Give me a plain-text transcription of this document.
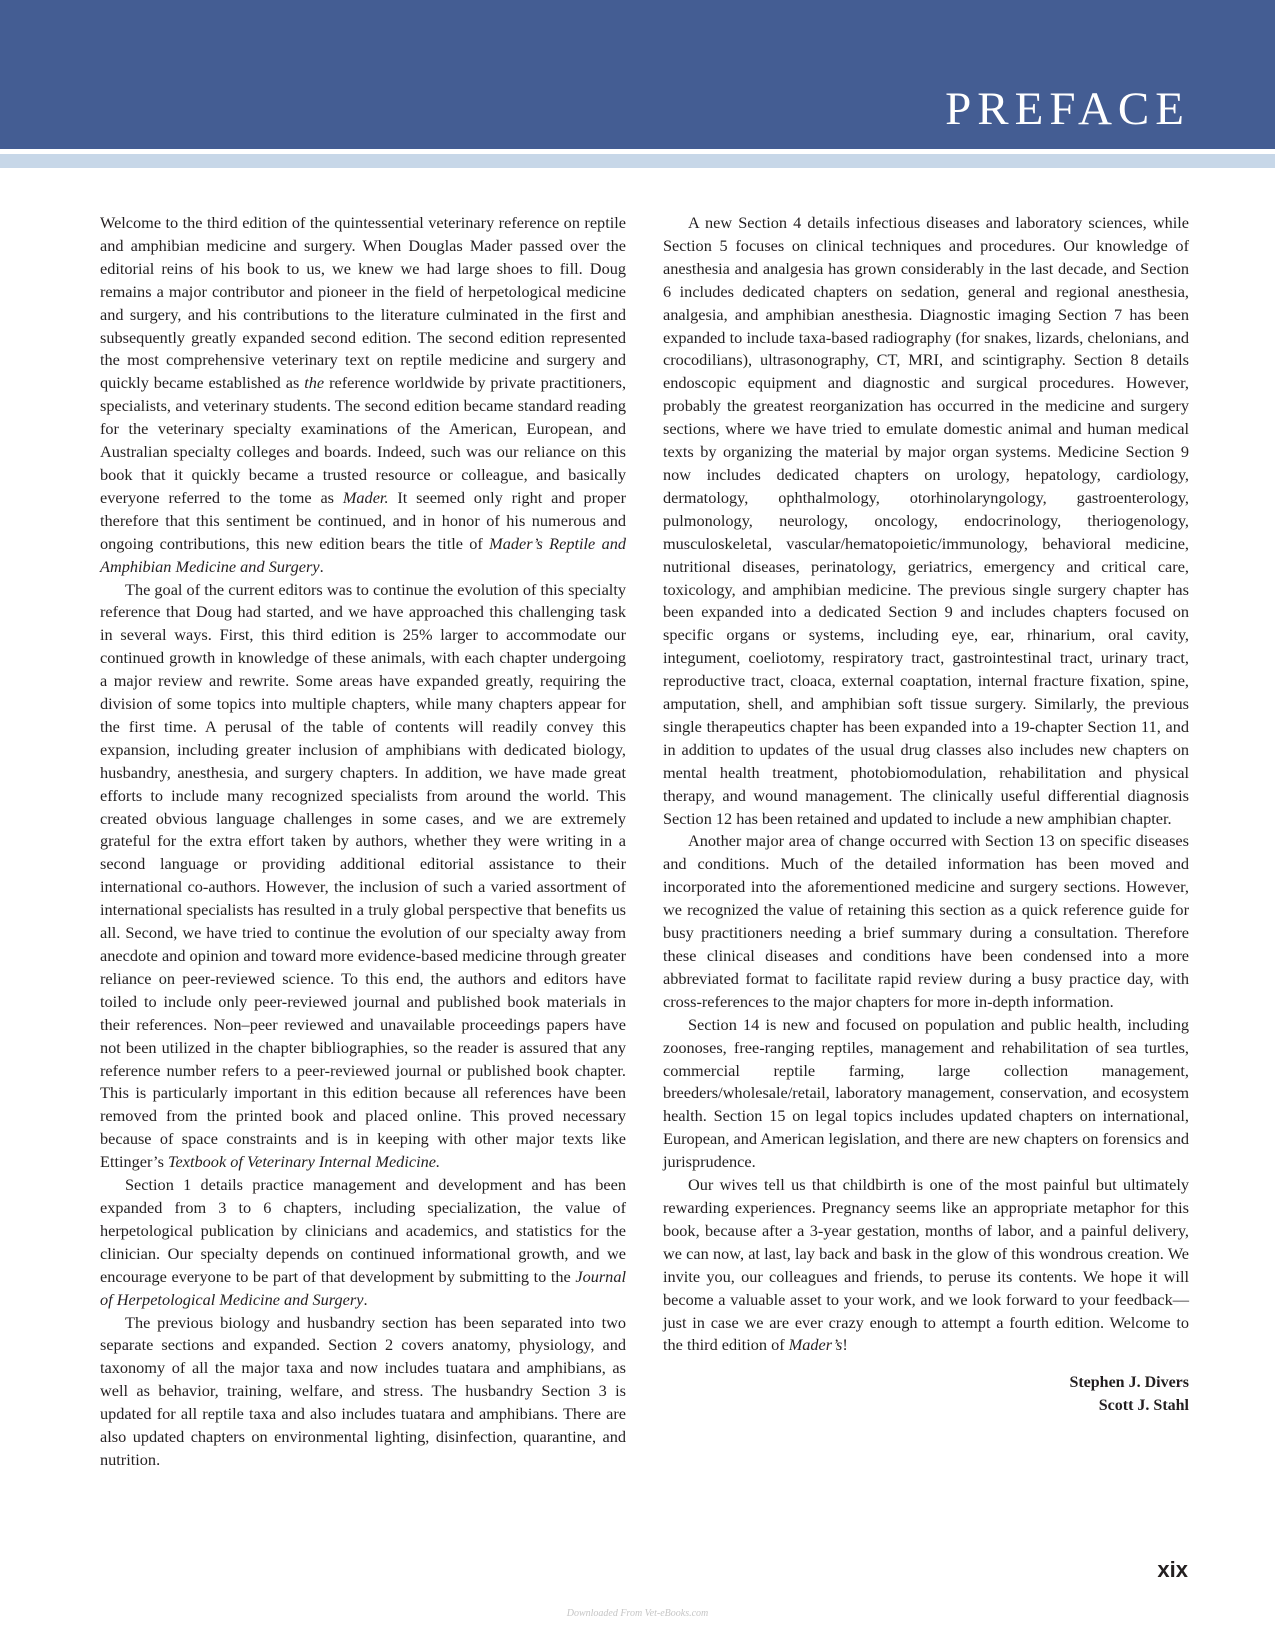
PREFACE

Welcome to the third edition of the quintessential veterinary reference on reptile and amphibian medicine and surgery. When Douglas Mader passed over the editorial reins of his book to us, we knew we had large shoes to fill. Doug remains a major contributor and pioneer in the field of herpetological medicine and surgery, and his contributions to the literature culminated in the first and subsequently greatly expanded second edition. The second edition represented the most comprehensive veterinary text on reptile medicine and surgery and quickly became established as the reference worldwide by private practitioners, specialists, and veterinary students. The second edition became standard reading for the veterinary specialty examinations of the American, European, and Australian specialty colleges and boards. Indeed, such was our reliance on this book that it quickly became a trusted resource or colleague, and basically everyone referred to the tome as Mader. It seemed only right and proper therefore that this sentiment be continued, and in honor of his numerous and ongoing contributions, this new edition bears the title of Mader’s Reptile and Amphibian Medicine and Surgery.

The goal of the current editors was to continue the evolution of this specialty reference that Doug had started, and we have approached this challenging task in several ways. First, this third edition is 25% larger to accommodate our continued growth in knowledge of these animals, with each chapter undergoing a major review and rewrite. Some areas have expanded greatly, requiring the division of some topics into multiple chapters, while many chapters appear for the first time. A perusal of the table of contents will readily convey this expansion, including greater inclusion of amphibians with dedicated biology, husbandry, anesthesia, and surgery chapters. In addition, we have made great efforts to include many recognized specialists from around the world. This created obvious language challenges in some cases, and we are extremely grateful for the extra effort taken by authors, whether they were writing in a second language or providing additional editorial assistance to their international co-authors. However, the inclusion of such a varied assortment of international specialists has resulted in a truly global perspective that benefits us all. Second, we have tried to continue the evolution of our specialty away from anecdote and opinion and toward more evidence-based medicine through greater reliance on peer-reviewed science. To this end, the authors and editors have toiled to include only peer-reviewed journal and published book materials in their references. Non–peer reviewed and unavailable proceedings papers have not been utilized in the chapter bibliographies, so the reader is assured that any reference number refers to a peer-reviewed journal or published book chapter. This is particularly important in this edition because all references have been removed from the printed book and placed online. This proved necessary because of space constraints and is in keeping with other major texts like Ettinger’s Textbook of Veterinary Internal Medicine.

Section 1 details practice management and development and has been expanded from 3 to 6 chapters, including specialization, the value of herpetological publication by clinicians and academics, and statistics for the clinician. Our specialty depends on continued informational growth, and we encourage everyone to be part of that development by submitting to the Journal of Herpetological Medicine and Surgery.

The previous biology and husbandry section has been separated into two separate sections and expanded. Section 2 covers anatomy, physiology, and taxonomy of all the major taxa and now includes tuatara and amphibians, as well as behavior, training, welfare, and stress. The husbandry Section 3 is updated for all reptile taxa and also includes tuatara and amphibians. There are also updated chapters on environmental lighting, disinfection, quarantine, and nutrition.

A new Section 4 details infectious diseases and laboratory sciences, while Section 5 focuses on clinical techniques and procedures. Our knowledge of anesthesia and analgesia has grown considerably in the last decade, and Section 6 includes dedicated chapters on sedation, general and regional anesthesia, analgesia, and amphibian anesthesia. Diagnostic imaging Section 7 has been expanded to include taxa-based radiography (for snakes, lizards, chelonians, and crocodilians), ultrasonography, CT, MRI, and scintigraphy. Section 8 details endoscopic equipment and diagnostic and surgical procedures. However, probably the greatest reorganization has occurred in the medicine and surgery sections, where we have tried to emulate domestic animal and human medical texts by organizing the material by major organ systems. Medicine Section 9 now includes dedicated chapters on urology, hepatology, cardiology, dermatology, ophthalmology, otorhinolaryngology, gastroenterology, pulmonology, neurology, oncology, endocrinology, theriogenology, musculoskeletal, vascular/hematopoietic/immunology, behavioral medicine, nutritional diseases, perinatology, geriatrics, emergency and critical care, toxicology, and amphibian medicine. The previous single surgery chapter has been expanded into a dedicated Section 9 and includes chapters focused on specific organs or systems, including eye, ear, rhinarium, oral cavity, integument, coeliotomy, respiratory tract, gastrointestinal tract, urinary tract, reproductive tract, cloaca, external coaptation, internal fracture fixation, spine, amputation, shell, and amphibian soft tissue surgery. Similarly, the previous single therapeutics chapter has been expanded into a 19-chapter Section 11, and in addition to updates of the usual drug classes also includes new chapters on mental health treatment, photobiomodulation, rehabilitation and physical therapy, and wound management. The clinically useful differential diagnosis Section 12 has been retained and updated to include a new amphibian chapter.

Another major area of change occurred with Section 13 on specific diseases and conditions. Much of the detailed information has been moved and incorporated into the aforementioned medicine and surgery sections. However, we recognized the value of retaining this section as a quick reference guide for busy practitioners needing a brief summary during a consultation. Therefore these clinical diseases and conditions have been condensed into a more abbreviated format to facilitate rapid review during a busy practice day, with cross-references to the major chapters for more in-depth information.

Section 14 is new and focused on population and public health, including zoonoses, free-ranging reptiles, management and rehabilitation of sea turtles, commercial reptile farming, large collection management, breeders/wholesale/retail, laboratory management, conservation, and ecosystem health. Section 15 on legal topics includes updated chapters on international, European, and American legislation, and there are new chapters on forensics and jurisprudence.

Our wives tell us that childbirth is one of the most painful but ultimately rewarding experiences. Pregnancy seems like an appropriate metaphor for this book, because after a 3-year gestation, months of labor, and a painful delivery, we can now, at last, lay back and bask in the glow of this wondrous creation. We invite you, our colleagues and friends, to peruse its contents. We hope it will become a valuable asset to your work, and we look forward to your feedback—just in case we are ever crazy enough to attempt a fourth edition. Welcome to the third edition of Mader’s!

Stephen J. Divers
Scott J. Stahl
xix
Downloaded From Vet-eBooks.com
